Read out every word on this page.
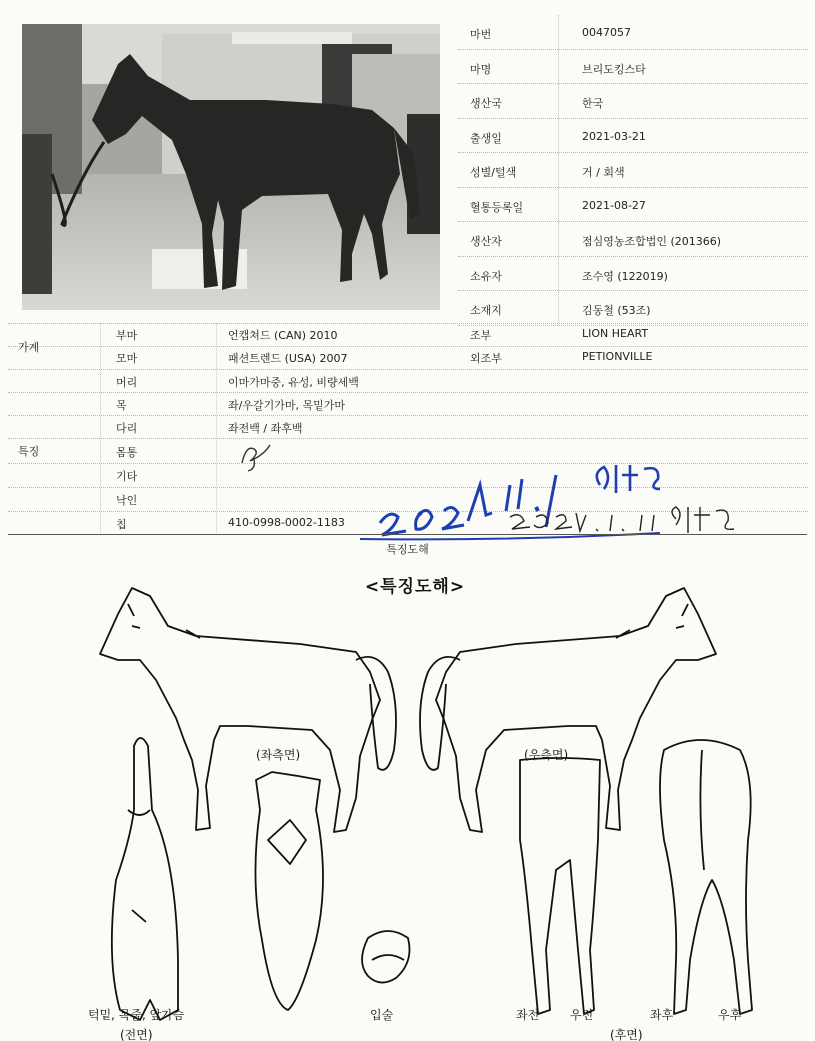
마번	0047057
마명	브리도킹스타
생산국	한국
출생일	2021-03-21
성별/털색	거 / 회색
혈통등록일	2021-08-27
생산자	점심영농조합법인 (201366)
소유자	조수영 (122019)
소재지	김동철 (53조)
가계
부마	언캡쳐드 (CAN) 2010	조부	LION HEART
모마	패션트렌드 (USA) 2007	외조부	PETIONVILLE
특징
머리	이마가마중, 유성, 비량세백
목	좌/우갈기가마, 목밑가마
다리	좌전백 / 좌후백
몸통
기타
낙인
칩	410-0998-0002-1183
특징도해
<특징도해>
(좌측면)	(우측면)
턱밑, 목줄, 앞가슴
(전면)
입술	좌전	우전	좌후	우후
(후면)
